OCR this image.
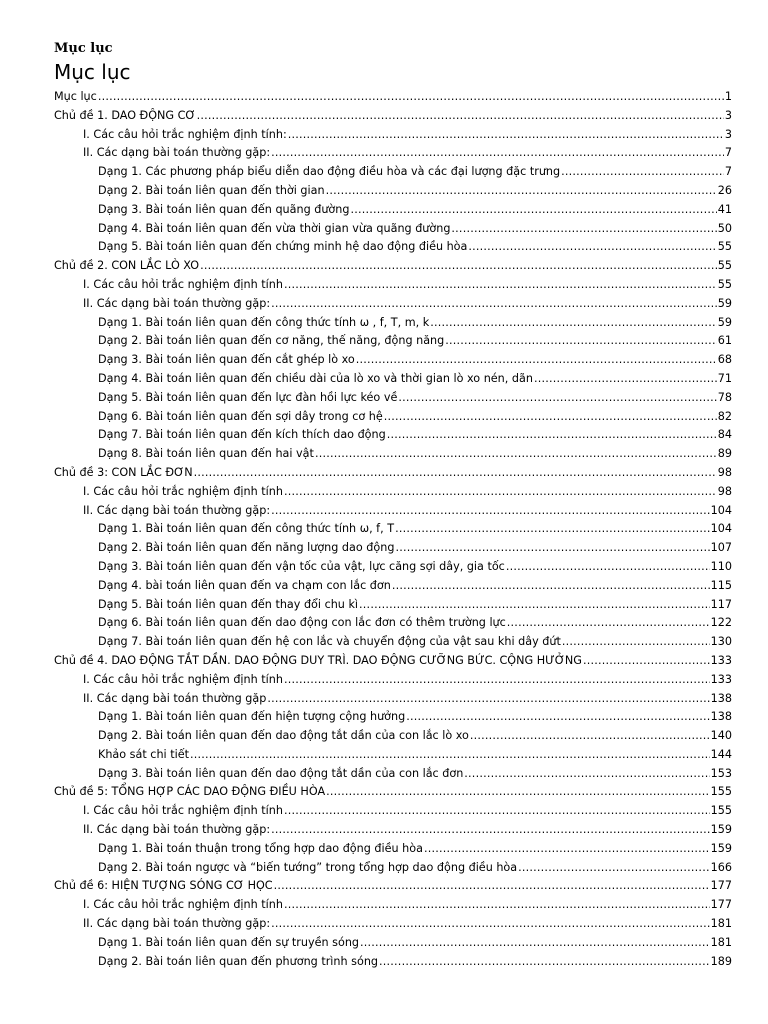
Mục lục

Mục lục

Mục lục .....	1
Chủ đề 1. DAO ĐỘNG CƠ .....	3
I. Các câu hỏi trắc nghiệm định tính: .....	3
II. Các dạng bài toán thường gặp: .....	7
Dạng 1. Các phương pháp biểu diễn dao động điều hòa và các đại lượng đặc trưng .....	7
Dạng 2. Bài toán liên quan đến thời gian .....	26
Dạng 3. Bài toán liên quan đến quãng đường .....	41
Dạng 4. Bài toán liên quan đến vừa thời gian vừa quãng đường .....	50
Dạng 5. Bài toán liên quan đến chứng minh hệ dao động điều hòa .....	55
Chủ đề 2. CON LẮC LÒ XO .....	55
I. Các câu hỏi trắc nghiệm định tính .....	55
II. Các dạng bài toán thường gặp: .....	59
Dạng 1. Bài toán liên quan đến công thức tính ω , f, T, m, k .....	59
Dạng 2. Bài toán liên quan đến cơ năng, thế năng, động năng .....	61
Dạng 3. Bài toán liên quan đến cắt ghép lò xo .....	68
Dạng 4. Bài toán liên quan đến chiều dài của lò xo và thời gian lò xo nén, dãn .....	71
Dạng 5. Bài toán liên quan đến lực đàn hồi lực kéo về .....	78
Dạng 6. Bài toán liên quan đến sợi dây trong cơ hệ .....	82
Dạng 7. Bài toán liên quan đến kích thích dao động .....	84
Dạng 8. Bài toán liên quan đến hai vật .....	89
Chủ đề 3: CON LẮC ĐƠN .....	98
I. Các câu hỏi trắc nghiệm định tính .....	98
II. Các dạng bài toán thường gặp: .....	104
Dạng 1. Bài toán liên quan đến công thức tính ω, f, T .....	104
Dạng 2. Bài toán liên quan đến năng lượng dao động .....	107
Dạng 3. Bài toán liên quan đến vận tốc của vật, lực căng sợi dây, gia tốc .....	110
Dạng 4. bài toán liên quan đến va chạm con lắc đơn .....	115
Dạng 5. Bài toán liên quan đến thay đổi chu kì .....	117
Dạng 6. Bài toán liên quan đến dao động con lắc đơn có thêm trường lực .....	122
Dạng 7. Bài toán liên quan đến hệ con lắc và chuyển động của vật sau khi dây đứt .....	130
Chủ đề 4. DAO ĐỘNG TẮT DẦN. DAO ĐỘNG DUY TRÌ. DAO ĐỘNG CƯỠNG BỨC. CỘNG HƯỞNG .....	133
I. Các câu hỏi trắc nghiệm định tính .....	133
II. Các dạng bài toán thường gặp .....	138
Dạng 1. Bài toán liên quan đến hiện tượng cộng hưởng .....	138
Dạng 2. Bài toán liên quan đến dao động tắt dần của con lắc lò xo .....	140
Khảo sát chi tiết .....	144
Dạng 3. Bài toán liên quan đến dao động tắt dần của con lắc đơn .....	153
Chủ đề 5: TỔNG HỢP CÁC DAO ĐỘNG ĐIỀU HÒA .....	155
I. Các câu hỏi trắc nghiệm định tính .....	155
II. Các dạng bài toán thường gặp: .....	159
Dạng 1. Bài toán thuận trong tổng hợp dao động điều hòa .....	159
Dạng 2. Bài toán ngược và “biến tướng” trong tổng hợp dao động điều hòa .....	166
Chủ đề 6: HIỆN TƯỢNG SÓNG CƠ HỌC .....	177
I. Các câu hỏi trắc nghiệm định tính .....	177
II. Các dạng bài toán thường gặp: .....	181
Dạng 1. Bài toán liên quan đến sự truyền sóng .....	181
Dạng 2. Bài toán liên quan đến phương trình sóng .....	189
